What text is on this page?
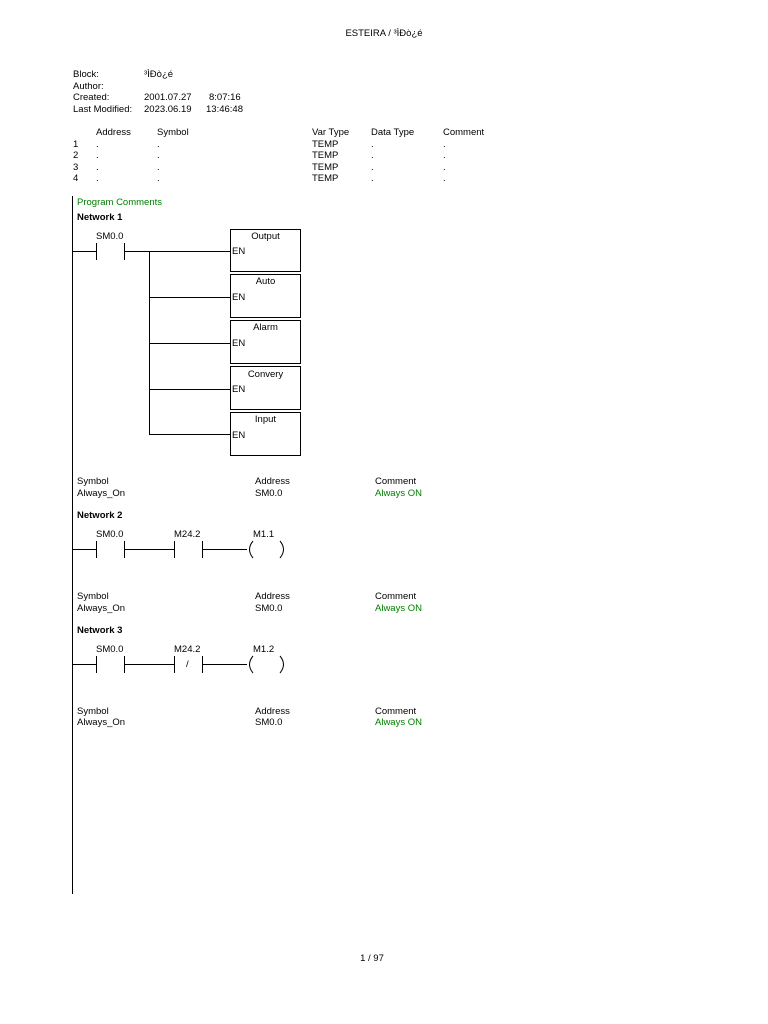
ESTEIRA / ³ÌÐò¿é
Block:	³ÌÐò¿é
Author:
Created:	2001.07.27 8:07:16
Last Modified: 2023.06.19 13:46:48
Address	Symbol	Var Type Data Type	Comment
1 .	.	TEMP	.	.
2 .	.	TEMP	.	.
3 .	.	TEMP	.	.
4 .	.	TEMP	.	.
Program Comments
Network 1
SM0.0	Output
EN
Auto
EN
Alarm
EN
Convery
EN
Input
EN
Symbol	Address	Comment
Always_On	SM0.0	Always ON
Network 2
SM0.0	M24.2	M1.1
Symbol	Address	Comment
Always_On	SM0.0	Always ON
Network 3
SM0.0	M24.2
/
M1.2
Symbol	Address	Comment
Always_On	SM0.0	Always ON
1 / 97
